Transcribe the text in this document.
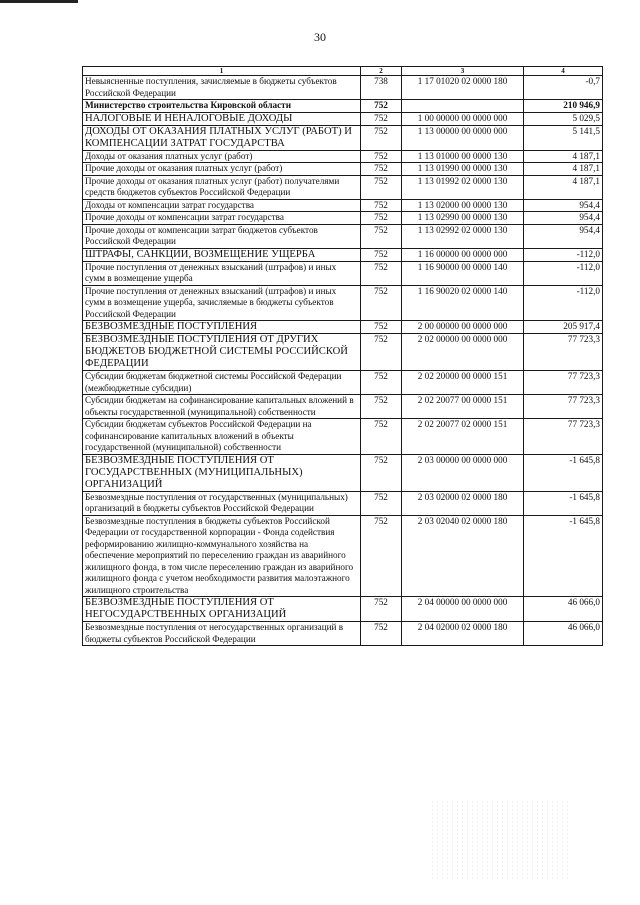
30
1	2	3	4
Невыясненные поступления, зачисляемые в бюджеты субъектов Российской Федерации	738	1 17 01020 02 0000 180	-0,7
Министерство строительства Кировской области	752		210 946,9
НАЛОГОВЫЕ И НЕНАЛОГОВЫЕ ДОХОДЫ	752	1 00 00000 00 0000 000	5 029,5
ДОХОДЫ ОТ ОКАЗАНИЯ ПЛАТНЫХ УСЛУГ (РАБОТ) И КОМПЕНСАЦИИ ЗАТРАТ ГОСУДАРСТВА	752	1 13 00000 00 0000 000	5 141,5
Доходы от оказания платных услуг (работ)	752	1 13 01000 00 0000 130	4 187,1
Прочие доходы от оказания платных услуг (работ)	752	1 13 01990 00 0000 130	4 187,1
Прочие доходы от оказания платных услуг (работ) получателями средств бюджетов субъектов Российской Федерации	752	1 13 01992 02 0000 130	4 187,1
Доходы от компенсации затрат государства	752	1 13 02000 00 0000 130	954,4
Прочие доходы от компенсации затрат государства	752	1 13 02990 00 0000 130	954,4
Прочие доходы от компенсации затрат бюджетов субъектов Российской Федерации	752	1 13 02992 02 0000 130	954,4
ШТРАФЫ, САНКЦИИ, ВОЗМЕЩЕНИЕ УЩЕРБА	752	1 16 00000 00 0000 000	-112,0
Прочие поступления от денежных взысканий (штрафов) и иных сумм в возмещение ущерба	752	1 16 90000 00 0000 140	-112,0
Прочие поступления от денежных взысканий (штрафов) и иных сумм в возмещение ущерба, зачисляемые в бюджеты субъектов Российской Федерации	752	1 16 90020 02 0000 140	-112,0
БЕЗВОЗМЕЗДНЫЕ ПОСТУПЛЕНИЯ	752	2 00 00000 00 0000 000	205 917,4
БЕЗВОЗМЕЗДНЫЕ ПОСТУПЛЕНИЯ ОТ ДРУГИХ БЮДЖЕТОВ БЮДЖЕТНОЙ СИСТЕМЫ РОССИЙСКОЙ ФЕДЕРАЦИИ	752	2 02 00000 00 0000 000	77 723,3
Субсидии бюджетам бюджетной системы Российской Федерации (межбюджетные субсидии)	752	2 02 20000 00 0000 151	77 723,3
Субсидии бюджетам на софинансирование капитальных вложений в объекты государственной (муниципальной) собственности	752	2 02 20077 00 0000 151	77 723,3
Субсидии бюджетам субъектов Российской Федерации на софинансирование капитальных вложений в объекты государственной (муниципальной) собственности	752	2 02 20077 02 0000 151	77 723,3
БЕЗВОЗМЕЗДНЫЕ ПОСТУПЛЕНИЯ ОТ ГОСУДАРСТВЕННЫХ (МУНИЦИПАЛЬНЫХ) ОРГАНИЗАЦИЙ	752	2 03 00000 00 0000 000	-1 645,8
Безвозмездные поступления от государственных (муниципальных) организаций в бюджеты субъектов Российской Федерации	752	2 03 02000 02 0000 180	-1 645,8
Безвозмездные поступления в бюджеты субъектов Российской Федерации от государственной корпорации - Фонда содействия реформированию жилищно-коммунального хозяйства на обеспечение мероприятий по переселению граждан из аварийного жилищного фонда, в том числе переселению граждан из аварийного жилищного фонда с учетом необходимости развития малоэтажного жилищного строительства	752	2 03 02040 02 0000 180	-1 645,8
БЕЗВОЗМЕЗДНЫЕ ПОСТУПЛЕНИЯ ОТ НЕГОСУДАРСТВЕННЫХ ОРГАНИЗАЦИЙ	752	2 04 00000 00 0000 000	46 066,0
Безвозмездные поступления от негосударственных организаций в бюджеты субъектов Российской Федерации	752	2 04 02000 02 0000 180	46 066,0
